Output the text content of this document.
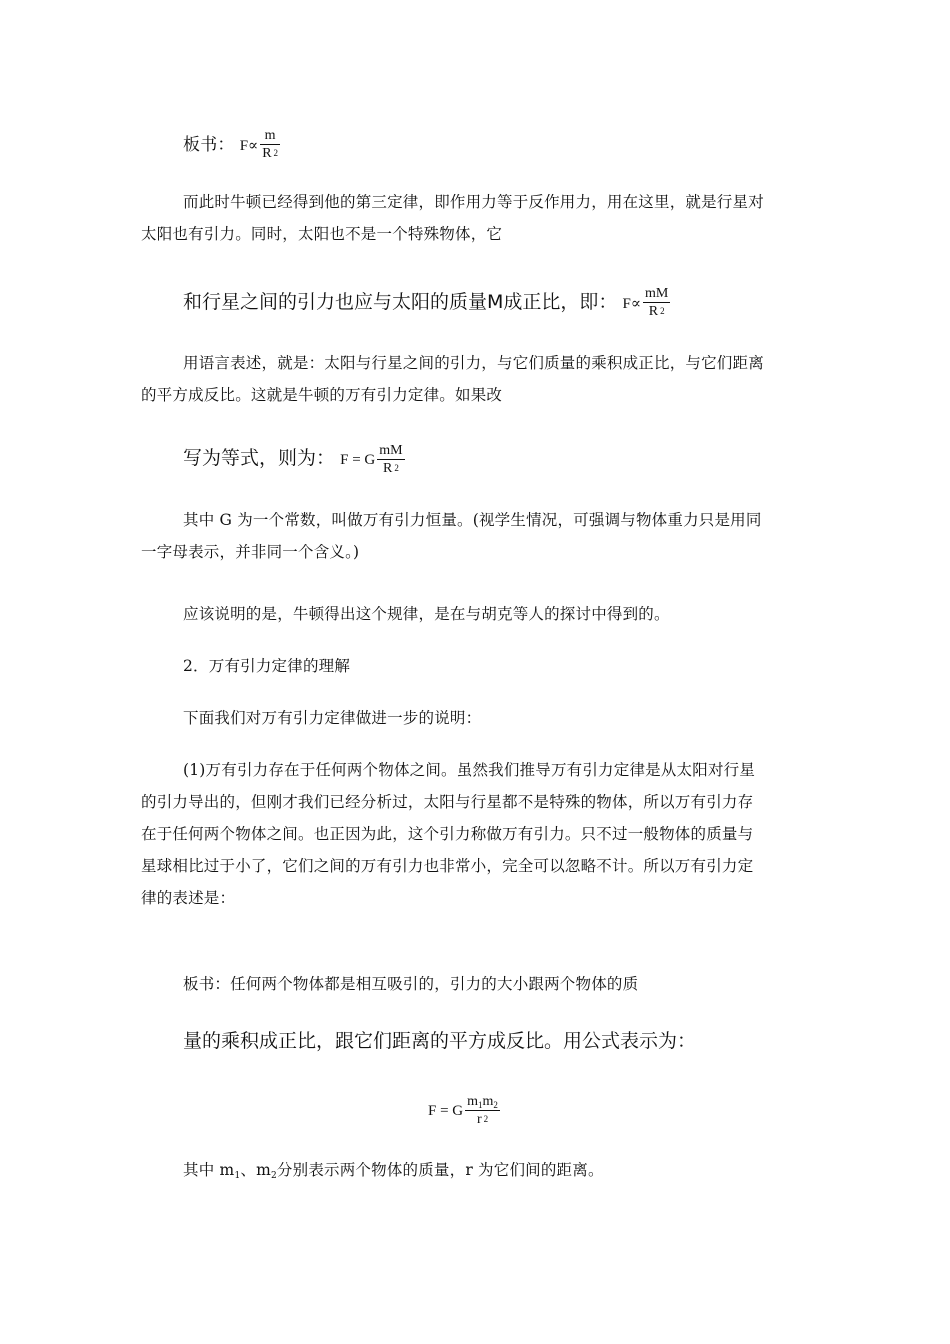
板书： $F\propto \frac{m}{R ^2}$
而此时牛顿已经得到他的第三定律，即作用力等于反作用力，用在这里，就是行星对
太阳也有引力。同时，太阳也不是一个特殊物体，它
和行星之间的引力也应与太阳的质量M成正比，即： $F\propto \frac{mM}{R ^2}$
用语言表述，就是：太阳与行星之间的引力，与它们质量的乘积成正比，与它们距离
的平方成反比。这就是牛顿的万有引力定律。如果改
写为等式，则为： F = G $\frac{mM}{R ^2}$
其中 G 为一个常数，叫做万有引力恒量。(视学生情况，可强调与物体重力只是用同
一字母表示，并非同一个含义。)
应该说明的是，牛顿得出这个规律，是在与胡克等人的探讨中得到的。
2．万有引力定律的理解
下面我们对万有引力定律做进一步的说明：
(1)万有引力存在于任何两个物体之间。虽然我们推导万有引力定律是从太阳对行星
的引力导出的，但刚才我们已经分析过，太阳与行星都不是特殊的物体，所以万有引力存
在于任何两个物体之间。也正因为此，这个引力称做万有引力。只不过一般物体的质量与
星球相比过于小了，它们之间的万有引力也非常小，完全可以忽略不计。所以万有引力定
律的表述是：
板书：任何两个物体都是相互吸引的，引力的大小跟两个物体的质
量的乘积成正比，跟它们距离的平方成反比。用公式表示为：
F = G $\frac{m_1m_2}{r ^2}$
其中 m1、m2分别表示两个物体的质量，r 为它们间的距离。
